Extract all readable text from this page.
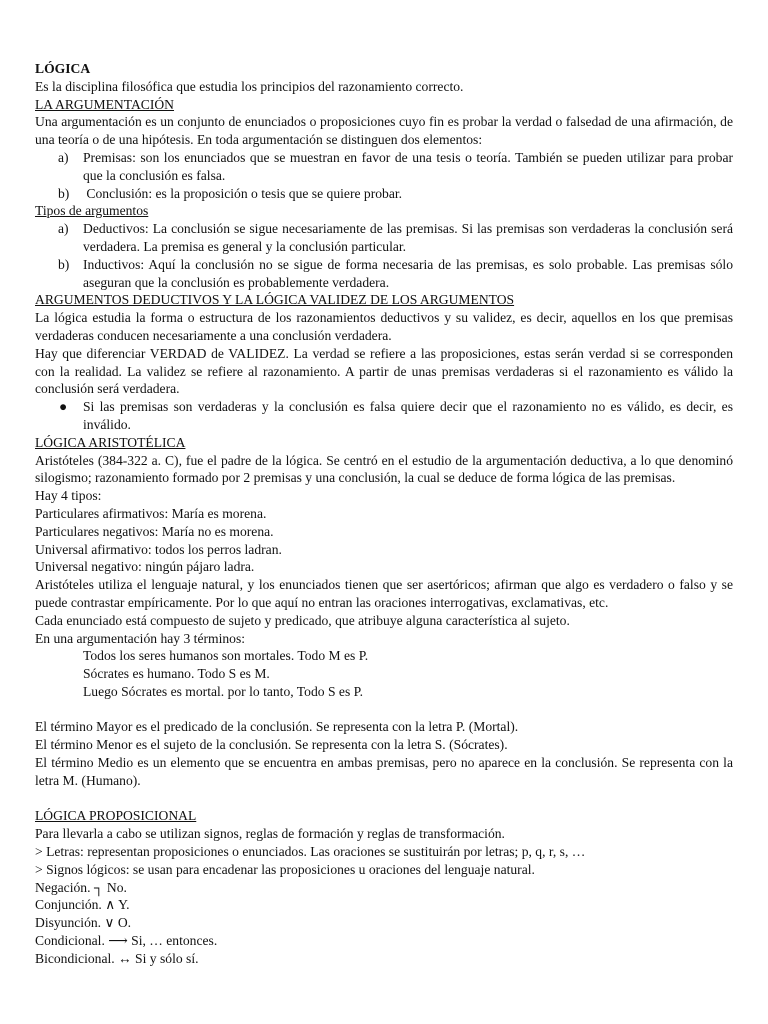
LÓGICA

Es la disciplina filosófica que estudia los principios del razonamiento correcto.

LA ARGUMENTACIÓN

Una argumentación es un conjunto de enunciados o proposiciones cuyo fin es probar la verdad o falsedad de una afirmación, de una teoría o de una hipótesis. En toda argumentación se distinguen dos elementos:

a) Premisas: son los enunciados que se muestran en favor de una tesis o teoría. También se pueden utilizar para probar que la conclusión es falsa.
b) Conclusión: es la proposición o tesis que se quiere probar.

Tipos de argumentos

a) Deductivos: La conclusión se sigue necesariamente de las premisas. Si las premisas son verdaderas la conclusión será verdadera. La premisa es general y la conclusión particular.
b) Inductivos: Aquí la conclusión no se sigue de forma necesaria de las premisas, es solo probable. Las premisas sólo aseguran que la conclusión es probablemente verdadera.

ARGUMENTOS DEDUCTIVOS Y LA LÓGICA VALIDEZ DE LOS ARGUMENTOS

La lógica estudia la forma o estructura de los razonamientos deductivos y su validez, es decir, aquellos en los que premisas verdaderas conducen necesariamente a una conclusión verdadera.

Hay que diferenciar VERDAD de VALIDEZ. La verdad se refiere a las proposiciones, estas serán verdad si se corresponden con la realidad. La validez se refiere al razonamiento. A partir de unas premisas verdaderas si el razonamiento es válido la conclusión será verdadera.

● Si las premisas son verdaderas y la conclusión es falsa quiere decir que el razonamiento no es válido, es decir, es inválido.

LÓGICA ARISTOTÉLICA

Aristóteles (384-322 a. C), fue el padre de la lógica. Se centró en el estudio de la argumentación deductiva, a lo que denominó silogismo; razonamiento formado por 2 premisas y una conclusión, la cual se deduce de forma lógica de las premisas.

Hay 4 tipos:

Particulares afirmativos: María es morena.

Particulares negativos: María no es morena.

Universal afirmativo: todos los perros ladran.

Universal negativo: ningún pájaro ladra.

Aristóteles utiliza el lenguaje natural, y los enunciados tienen que ser asertóricos; afirman que algo es verdadero o falso y se puede contrastar empíricamente. Por lo que aquí no entran las oraciones interrogativas, exclamativas, etc.

Cada enunciado está compuesto de sujeto y predicado, que atribuye alguna característica al sujeto.

En una argumentación hay 3 términos:

Todos los seres humanos son mortales. Todo M es P.

Sócrates es humano. Todo S es M.

Luego Sócrates es mortal. por lo tanto, Todo S es P.

El término Mayor es el predicado de la conclusión. Se representa con la letra P. (Mortal).

El término Menor es el sujeto de la conclusión. Se representa con la letra S. (Sócrates).

El término Medio es un elemento que se encuentra en ambas premisas, pero no aparece en la conclusión. Se representa con la letra M. (Humano).

LÓGICA PROPOSICIONAL

Para llevarla a cabo se utilizan signos, reglas de formación y reglas de transformación.

> Letras: representan proposiciones o enunciados. Las oraciones se sustituirán por letras; p, q, r, s, …

> Signos lógicos: se usan para encadenar las proposiciones u oraciones del lenguaje natural.

Negación. ┐ No.

Conjunción. ∧ Y.

Disyunción. ∨ O.

Condicional. ⟶ Si, … entonces.

Bicondicional. ↔ Si y sólo sí.
